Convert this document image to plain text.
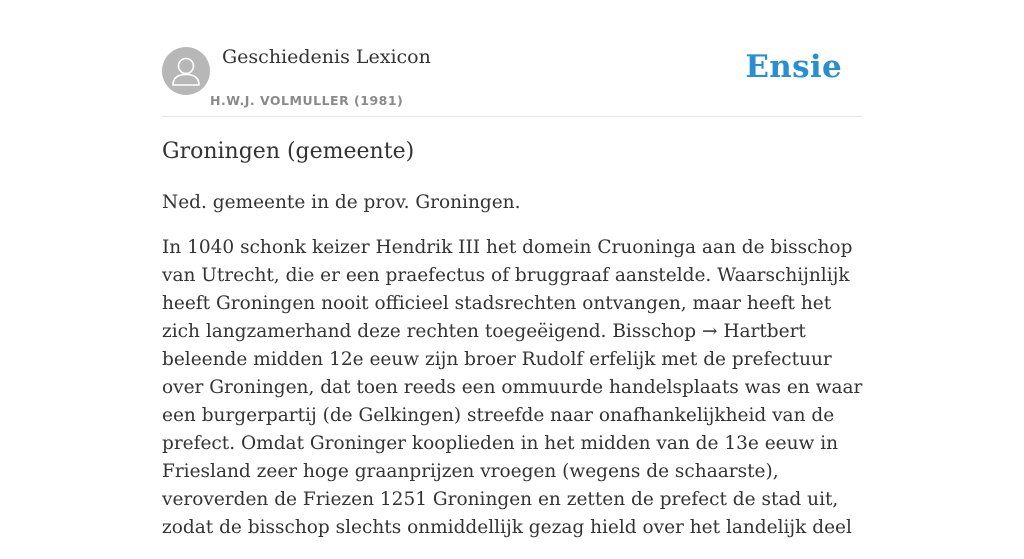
Geschiedenis Lexicon
H.W.J. VOLMULLER (1981)
Ensie
Groningen (gemeente)

Ned. gemeente in de prov. Groningen.

In 1040 schonk keizer Hendrik III het domein Cruoninga aan de bisschop van Utrecht, die er een praefectus of bruggraaf aanstelde. Waarschijnlijk heeft Groningen nooit officieel stadsrechten ontvangen, maar heeft het zich langzamerhand deze rechten toegeëigend. Bisschop → Hartbert beleende midden 12e eeuw zijn broer Rudolf erfelijk met de prefectuur over Groningen, dat toen reeds een ommuurde handelsplaats was en waar een burgerpartij (de Gelkingen) streefde naar onafhankelijkheid van de prefect. Omdat Groninger kooplieden in het midden van de 13e eeuw in Friesland zeer hoge graanprijzen vroegen (wegens de schaarste), veroverden de Friezen 1251 Groningen en zetten de prefect de stad uit, zodat de bisschop slechts onmiddellijk gezag hield over het landelijk deel
